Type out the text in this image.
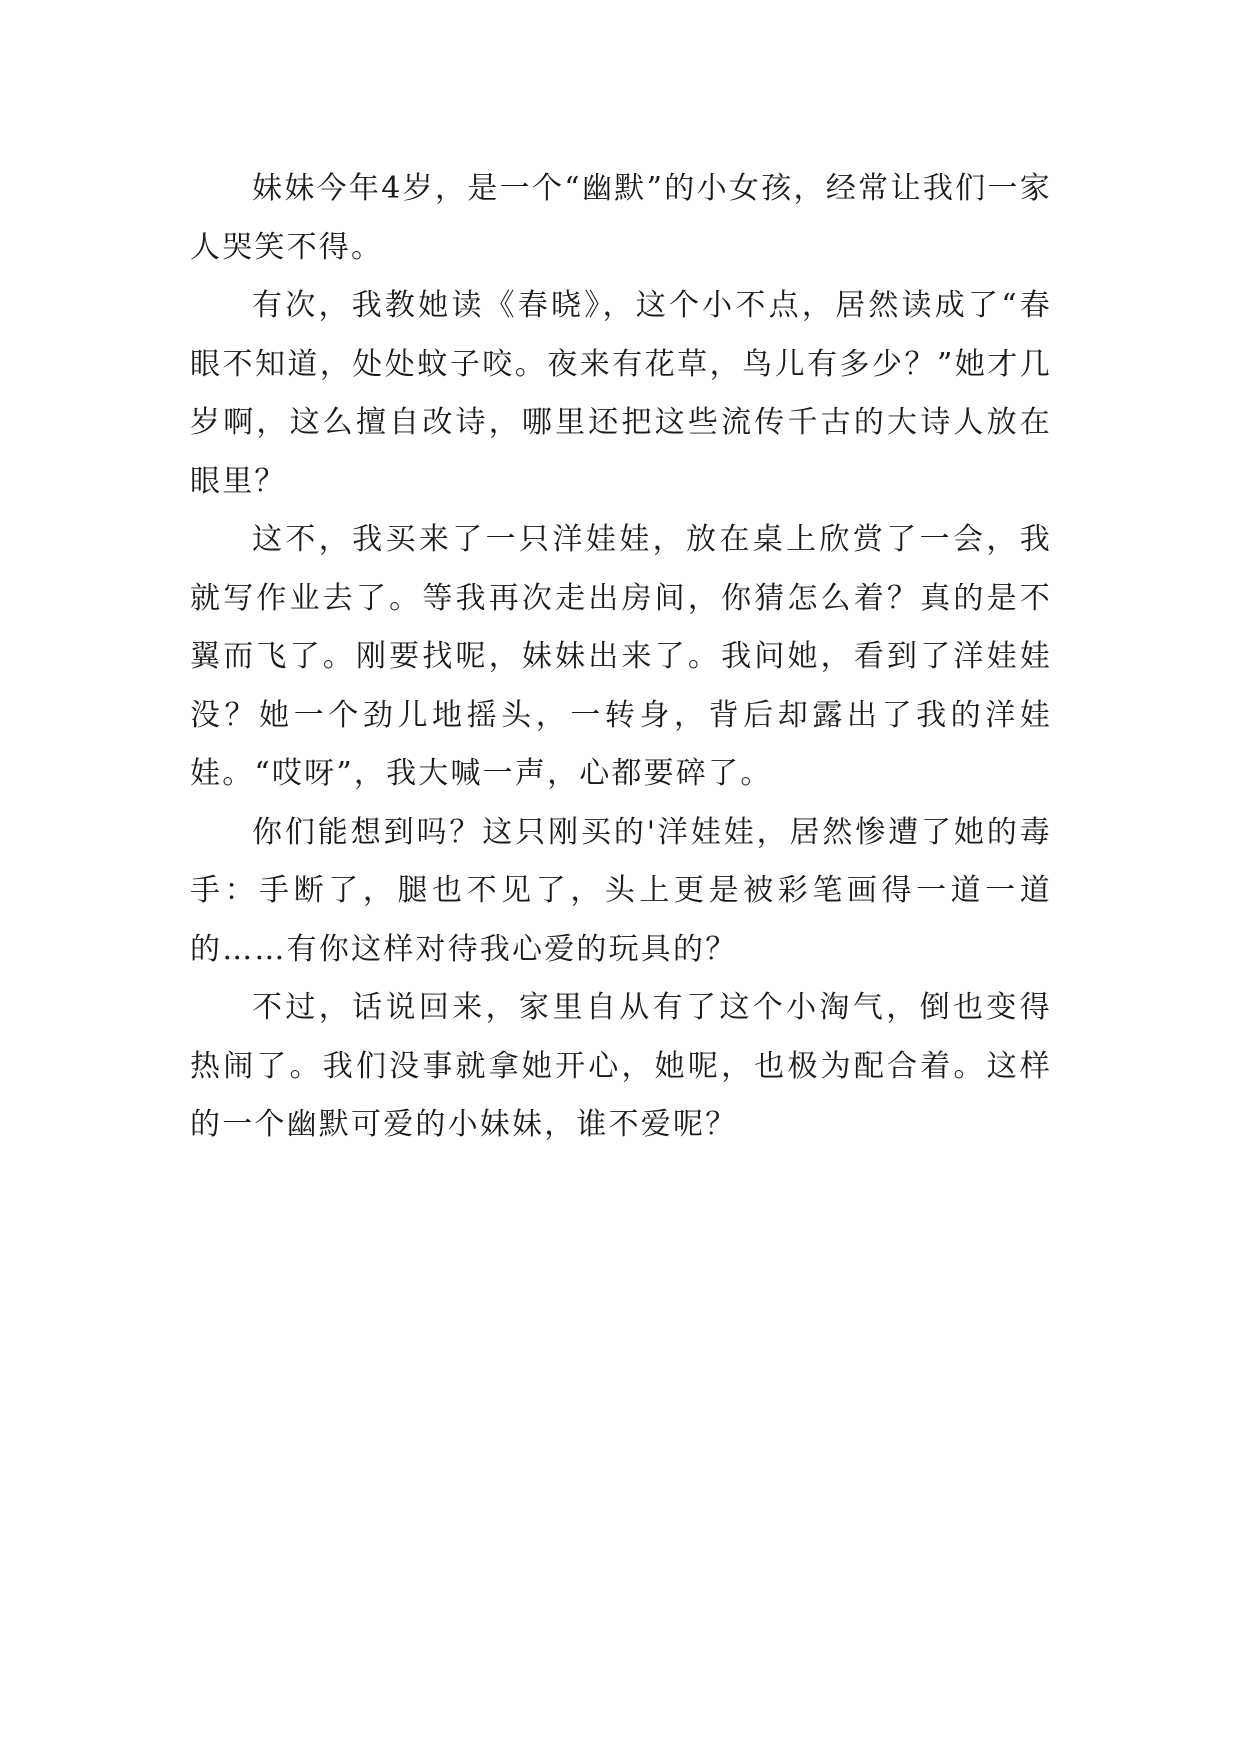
妹妹今年4岁，是一个“幽默”的小女孩，经常让我们一家人哭笑不得。

有次，我教她读《春晓》，这个小不点，居然读成了“春眼不知道，处处蚊子咬。夜来有花草，鸟儿有多少？”她才几岁啊，这么擅自改诗，哪里还把这些流传千古的大诗人放在眼里？

这不，我买来了一只洋娃娃，放在桌上欣赏了一会，我就写作业去了。等我再次走出房间，你猜怎么着？真的是不翼而飞了。刚要找呢，妹妹出来了。我问她，看到了洋娃娃没？她一个劲儿地摇头，一转身，背后却露出了我的洋娃娃。“哎呀”，我大喊一声，心都要碎了。

你们能想到吗？这只刚买的'洋娃娃，居然惨遭了她的毒手：手断了，腿也不见了，头上更是被彩笔画得一道一道的……有你这样对待我心爱的玩具的？

不过，话说回来，家里自从有了这个小淘气，倒也变得热闹了。我们没事就拿她开心，她呢，也极为配合着。这样的一个幽默可爱的小妹妹，谁不爱呢？
